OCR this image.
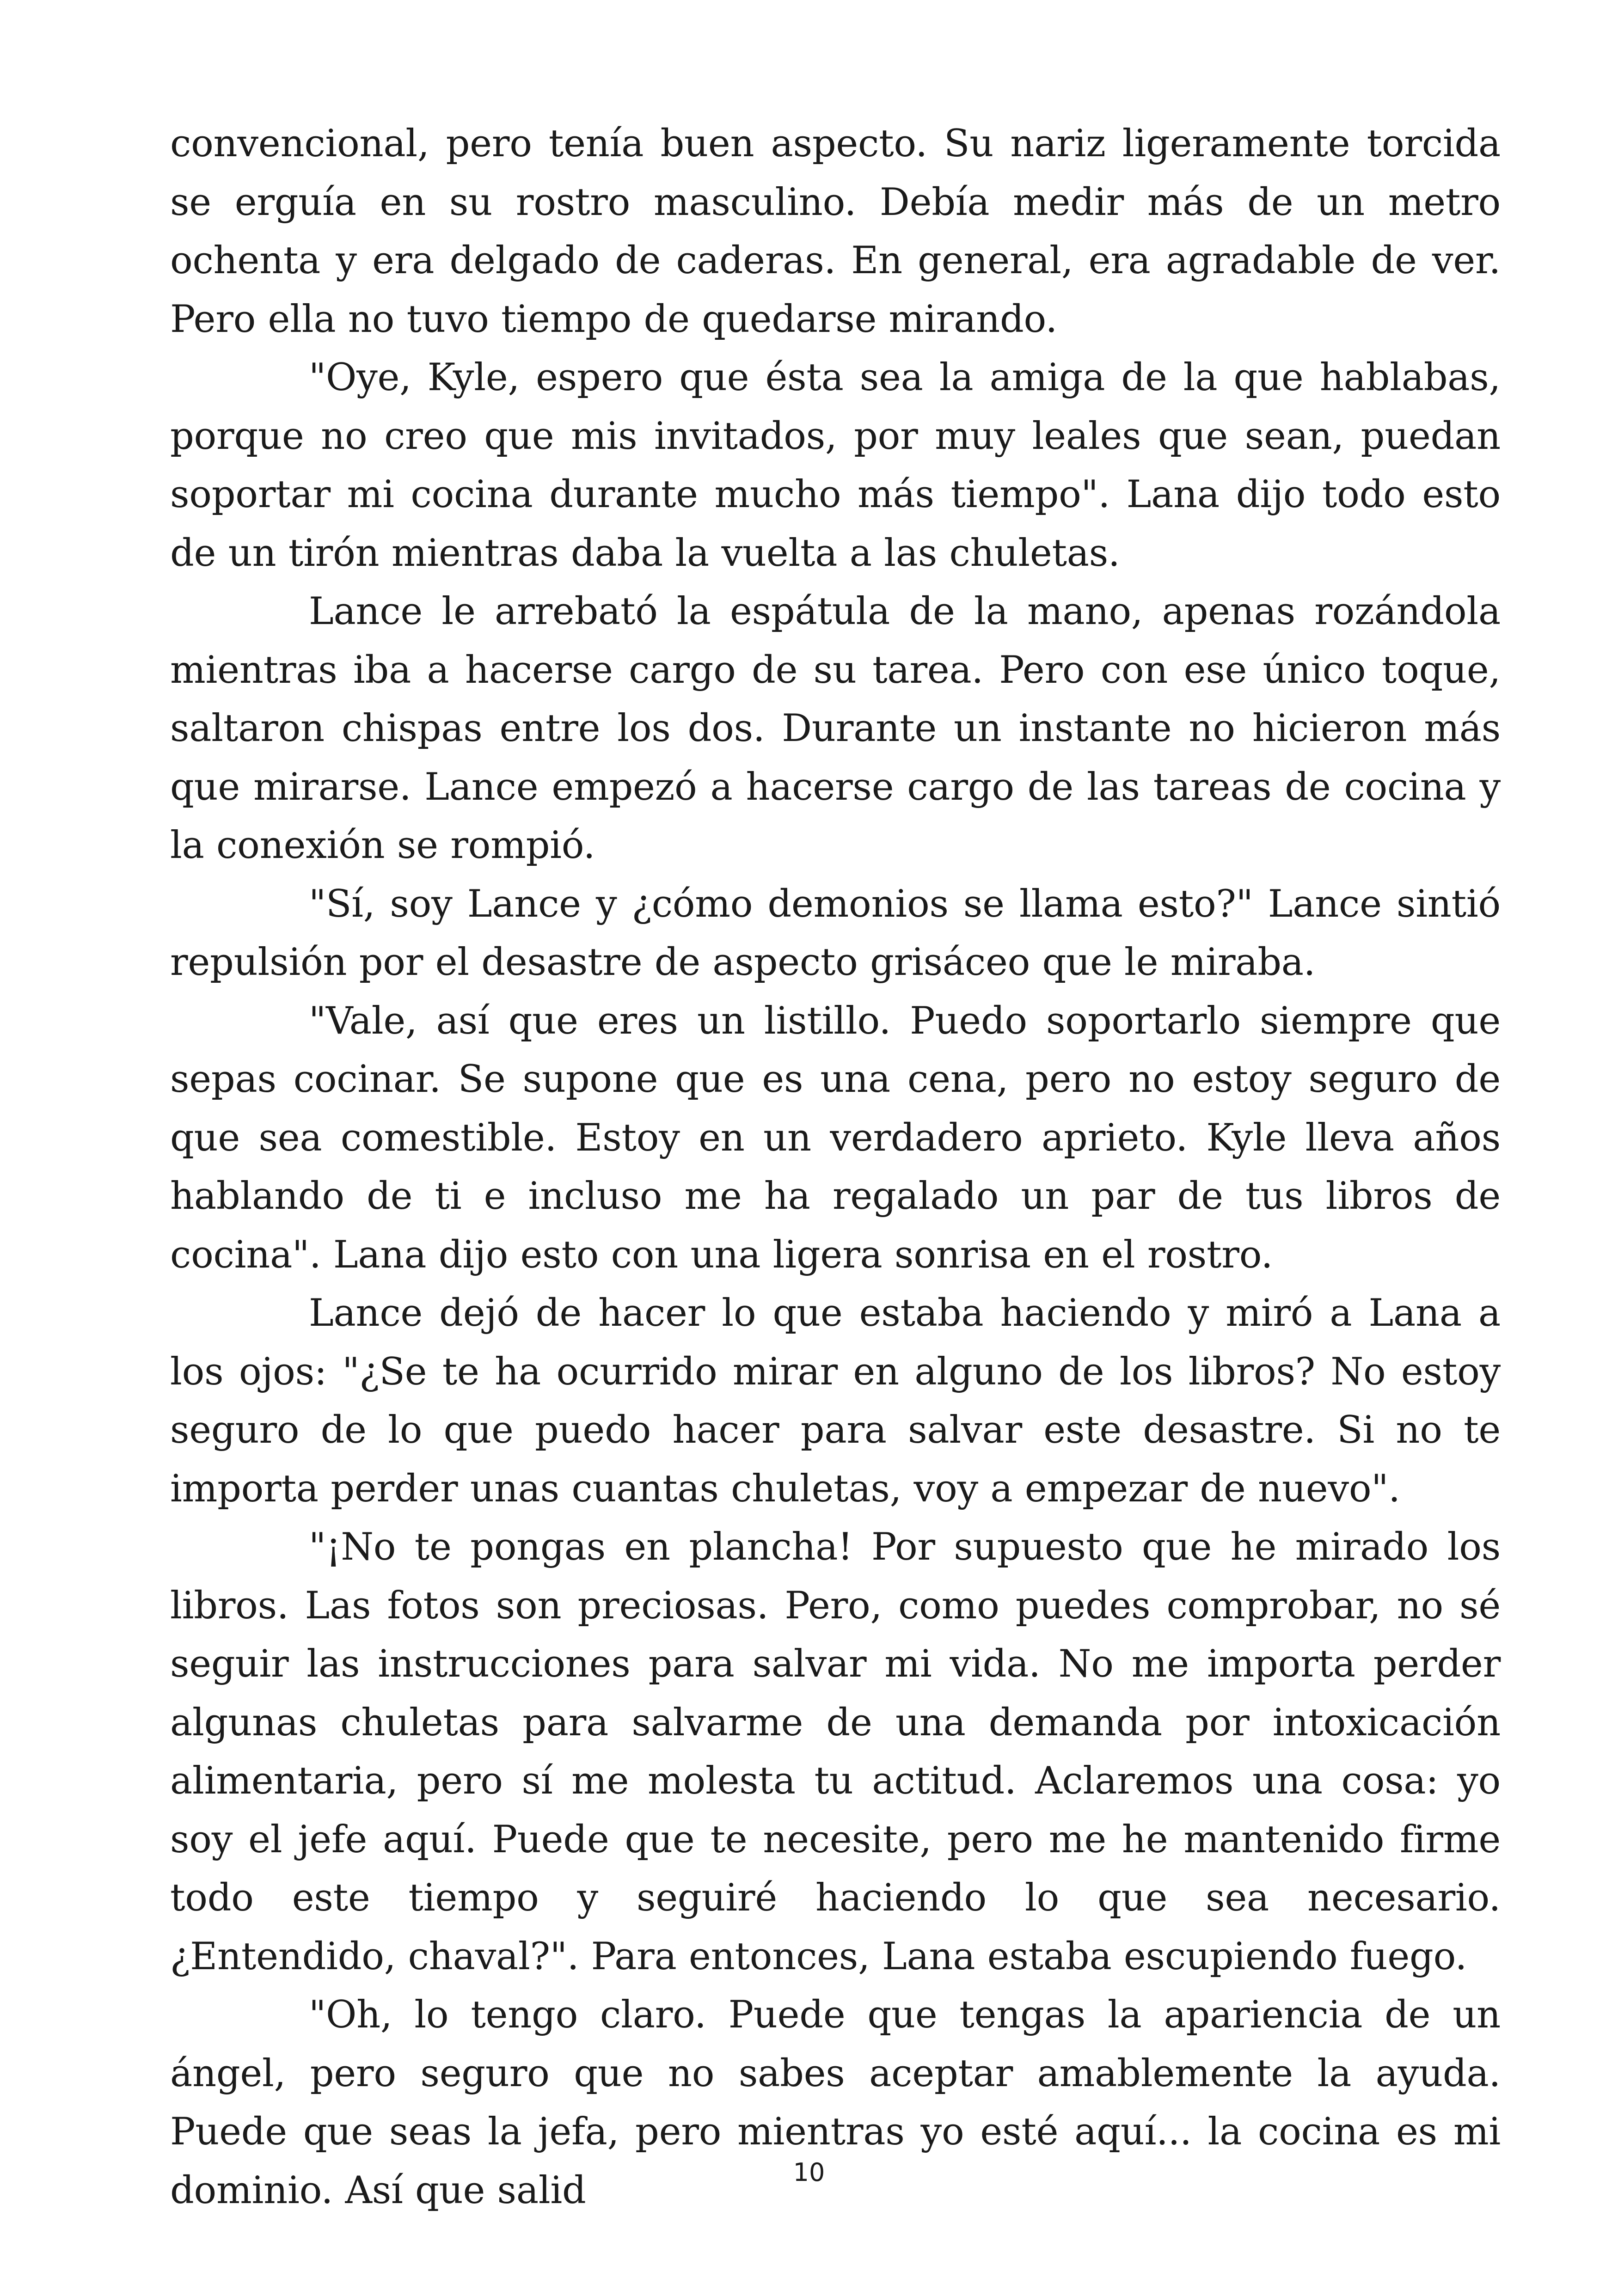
convencional, pero tenía buen aspecto. Su nariz ligeramente torcida se erguía en su rostro masculino. Debía medir más de un metro ochenta y era delgado de caderas. En general, era agradable de ver. Pero ella no tuvo tiempo de quedarse mirando.

"Oye, Kyle, espero que ésta sea la amiga de la que hablabas, porque no creo que mis invitados, por muy leales que sean, puedan soportar mi cocina durante mucho más tiempo". Lana dijo todo esto de un tirón mientras daba la vuelta a las chuletas.

Lance le arrebató la espátula de la mano, apenas rozándola mientras iba a hacerse cargo de su tarea. Pero con ese único toque, saltaron chispas entre los dos. Durante un instante no hicieron más que mirarse. Lance empezó a hacerse cargo de las tareas de cocina y la conexión se rompió.

"Sí, soy Lance y ¿cómo demonios se llama esto?" Lance sintió repulsión por el desastre de aspecto grisáceo que le miraba.

"Vale, así que eres un listillo. Puedo soportarlo siempre que sepas cocinar. Se supone que es una cena, pero no estoy seguro de que sea comestible. Estoy en un verdadero aprieto. Kyle lleva años hablando de ti e incluso me ha regalado un par de tus libros de cocina". Lana dijo esto con una ligera sonrisa en el rostro.

Lance dejó de hacer lo que estaba haciendo y miró a Lana a los ojos: "¿Se te ha ocurrido mirar en alguno de los libros? No estoy seguro de lo que puedo hacer para salvar este desastre. Si no te importa perder unas cuantas chuletas, voy a empezar de nuevo".

"¡No te pongas en plancha! Por supuesto que he mirado los libros. Las fotos son preciosas. Pero, como puedes comprobar, no sé seguir las instrucciones para salvar mi vida. No me importa perder algunas chuletas para salvarme de una demanda por intoxicación alimentaria, pero sí me molesta tu actitud. Aclaremos una cosa: yo soy el jefe aquí. Puede que te necesite, pero me he mantenido firme todo este tiempo y seguiré haciendo lo que sea necesario. ¿Entendido, chaval?". Para entonces, Lana estaba escupiendo fuego.

"Oh, lo tengo claro. Puede que tengas la apariencia de un ángel, pero seguro que no sabes aceptar amablemente la ayuda. Puede que seas la jefa, pero mientras yo esté aquí... la cocina es mi dominio. Así que salid	10
